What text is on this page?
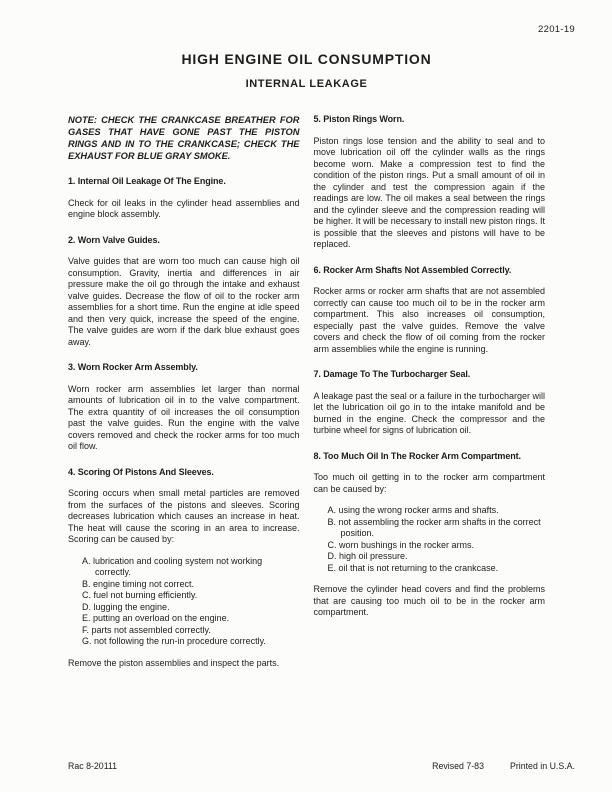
2201-19
HIGH ENGINE OIL CONSUMPTION
INTERNAL LEAKAGE

NOTE: CHECK THE CRANKCASE BREATHER FOR GASES THAT HAVE GONE PAST THE PISTON RINGS AND IN TO THE CRANKCASE; CHECK THE EXHAUST FOR BLUE GRAY SMOKE.

1. Internal Oil Leakage Of The Engine.

Check for oil leaks in the cylinder head assemblies and engine block assembly.

2. Worn Valve Guides.

Valve guides that are worn too much can cause high oil consumption. Gravity, inertia and differences in air pressure make the oil go through the intake and exhaust valve guides. Decrease the flow of oil to the rocker arm assemblies for a short time. Run the engine at idle speed and then very quick, increase the speed of the engine. The valve guides are worn if the dark blue exhaust goes away.

3. Worn Rocker Arm Assembly.

Worn rocker arm assemblies let larger than normal amounts of lubrication oil in to the valve compartment. The extra quantity of oil increases the oil consumption past the valve guides. Run the engine with the valve covers removed and check the rocker arms for too much oil flow.

4. Scoring Of Pistons And Sleeves.

Scoring occurs when small metal particles are removed from the surfaces of the pistons and sleeves. Scoring decreases lubrication which causes an increase in heat. The heat will cause the scoring in an area to increase. Scoring can be caused by:

A. lubrication and cooling system not working correctly.
B. engine timing not correct.
C. fuel not burning efficiently.
D. lugging the engine.
E. putting an overload on the engine.
F. parts not assembled correctly.
G. not following the run-in procedure correctly.

Remove the piston assemblies and inspect the parts.

5. Piston Rings Worn.

Piston rings lose tension and the ability to seal and to move lubrication oil off the cylinder walls as the rings become worn. Make a compression test to find the condition of the piston rings. Put a small amount of oil in the cylinder and test the compression again if the readings are low. The oil makes a seal between the rings and the cylinder sleeve and the compression reading will be higher. It will be necessary to install new piston rings. It is possible that the sleeves and pistons will have to be replaced.

6. Rocker Arm Shafts Not Assembled Correctly.

Rocker arms or rocker arm shafts that are not assembled correctly can cause too much oil to be in the rocker arm compartment. This also increases oil consumption, especially past the valve guides. Remove the valve covers and check the flow of oil coming from the rocker arm assemblies while the engine is running.

7. Damage To The Turbocharger Seal.

A leakage past the seal or a failure in the turbocharger will let the lubrication oil go in to the intake manifold and be burned in the engine. Check the compressor and the turbine wheel for signs of lubrication oil.

8. Too Much Oil In The Rocker Arm Compartment.

Too much oil getting in to the rocker arm compartment can be caused by:

A. using the wrong rocker arms and shafts.
B. not assembling the rocker arm shafts in the correct position.
C. worn bushings in the rocker arms.
D. high oil pressure.
E. oil that is not returning to the crankcase.

Remove the cylinder head covers and find the problems that are causing too much oil to be in the rocker arm compartment.

Rac 8-20111	Revised 7-83	Printed in U.S.A.
